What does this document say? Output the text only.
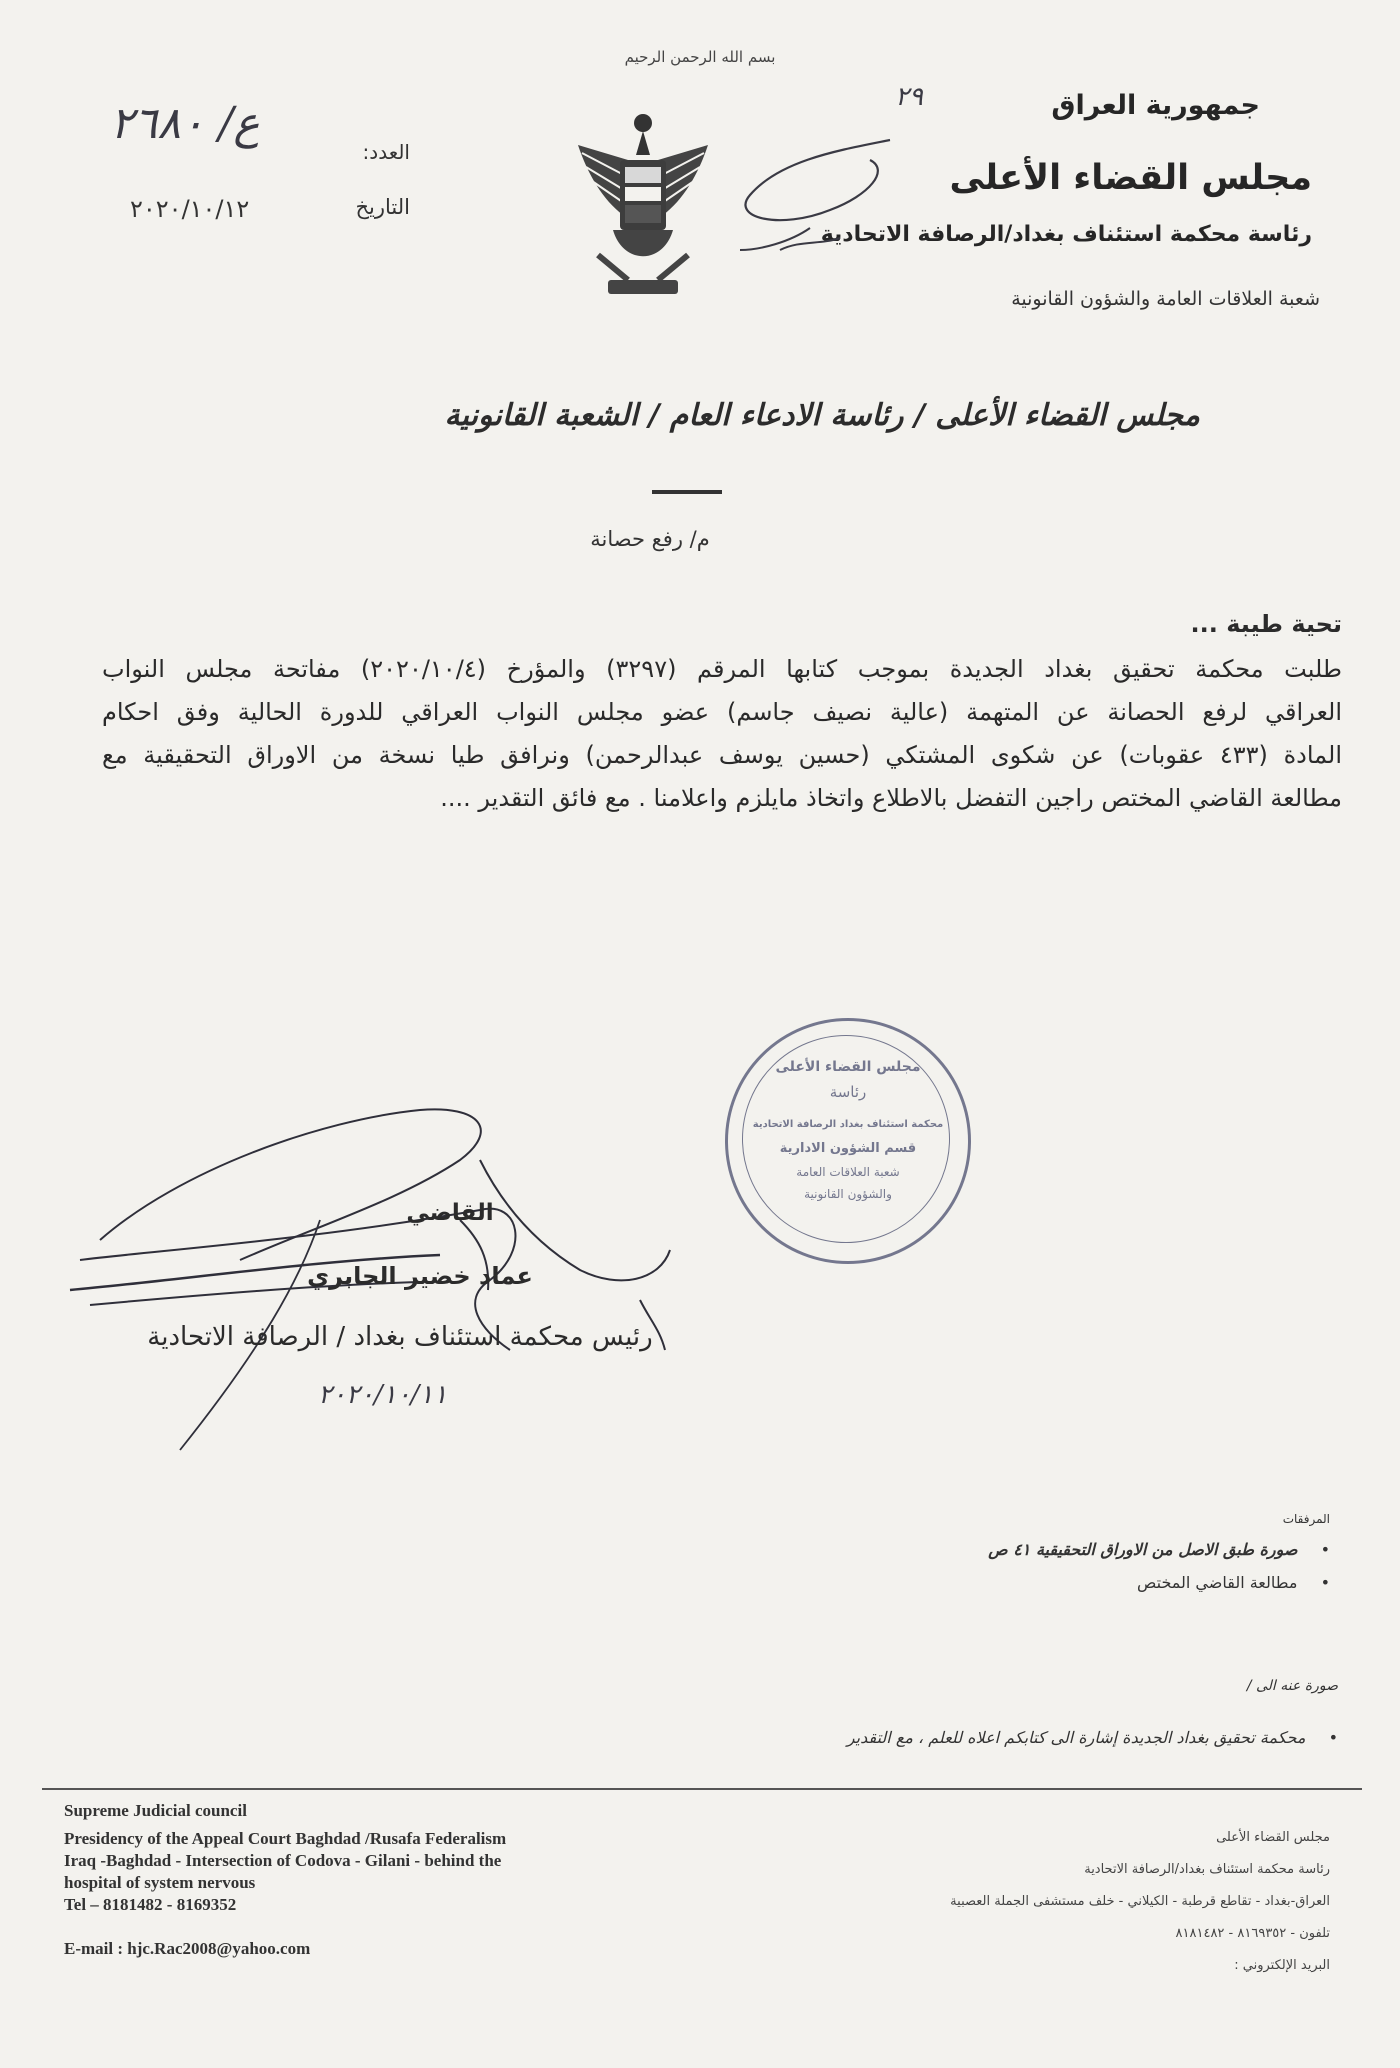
بسم الله الرحمن الرحيم
جمهورية العراق
مجلس القضاء الأعلى
رئاسة محكمة استئناف بغداد/الرصافة الاتحادية
شعبة العلاقات العامة والشؤون القانونية
٢٩
العدد:
ع/ ٢٦٨٠
التاريخ
٢٠٢٠/١٠/١٢
مجلس القضاء الأعلى / رئاسة الادعاء العام / الشعبة القانونية
م/ رفع حصانة
تحية طيبة ...
طلبت محكمة تحقيق بغداد الجديدة بموجب كتابها المرقم (٣٢٩٧) والمؤرخ (٢٠٢٠/١٠/٤) مفاتحة مجلس النواب
العراقي لرفع الحصانة عن المتهمة (عالية نصيف جاسم) عضو مجلس النواب العراقي للدورة الحالية وفق احكام
المادة (٤٣٣ عقوبات) عن شكوى المشتكي (حسين يوسف عبدالرحمن) ونرافق طيا نسخة من الاوراق التحقيقية مع
مطالعة القاضي المختص راجين التفضل بالاطلاع واتخاذ مايلزم واعلامنا . مع فائق التقدير ....
مجلس القضاء الأعلى
رئاسة
محكمة استئناف بغداد الرصافة الاتحادية
قسم الشؤون الادارية
شعبة العلاقات العامة
والشؤون القانونية
القاضي
عماد خضير الجابري
رئيس محكمة استئناف بغداد / الرصافة الاتحادية
٢٠٢٠/١٠/١١
المرفقات
• صورة طبق الاصل من الاوراق التحقيقية ٤١ ص
• مطالعة القاضي المختص
صورة عنه الى /
• محكمة تحقيق بغداد الجديدة إشارة الى كتابكم اعلاه للعلم ، مع التقدير
Supreme Judicial council
Presidency of the Appeal Court Baghdad /Rusafa Federalism
Iraq -Baghdad - Intersection of Codova - Gilani - behind the
hospital of system nervous
Tel – 8181482 - 8169352
E-mail : hjc.Rac2008@yahoo.com
مجلس القضاء الأعلى
رئاسة محكمة استئناف بغداد/الرصافة الاتحادية
العراق-بغداد - تقاطع قرطبة - الكيلاني - خلف مستشفى الجملة العصبية
تلفون - ٨١٦٩٣٥٢ - ٨١٨١٤٨٢
البريد الإلكتروني :
